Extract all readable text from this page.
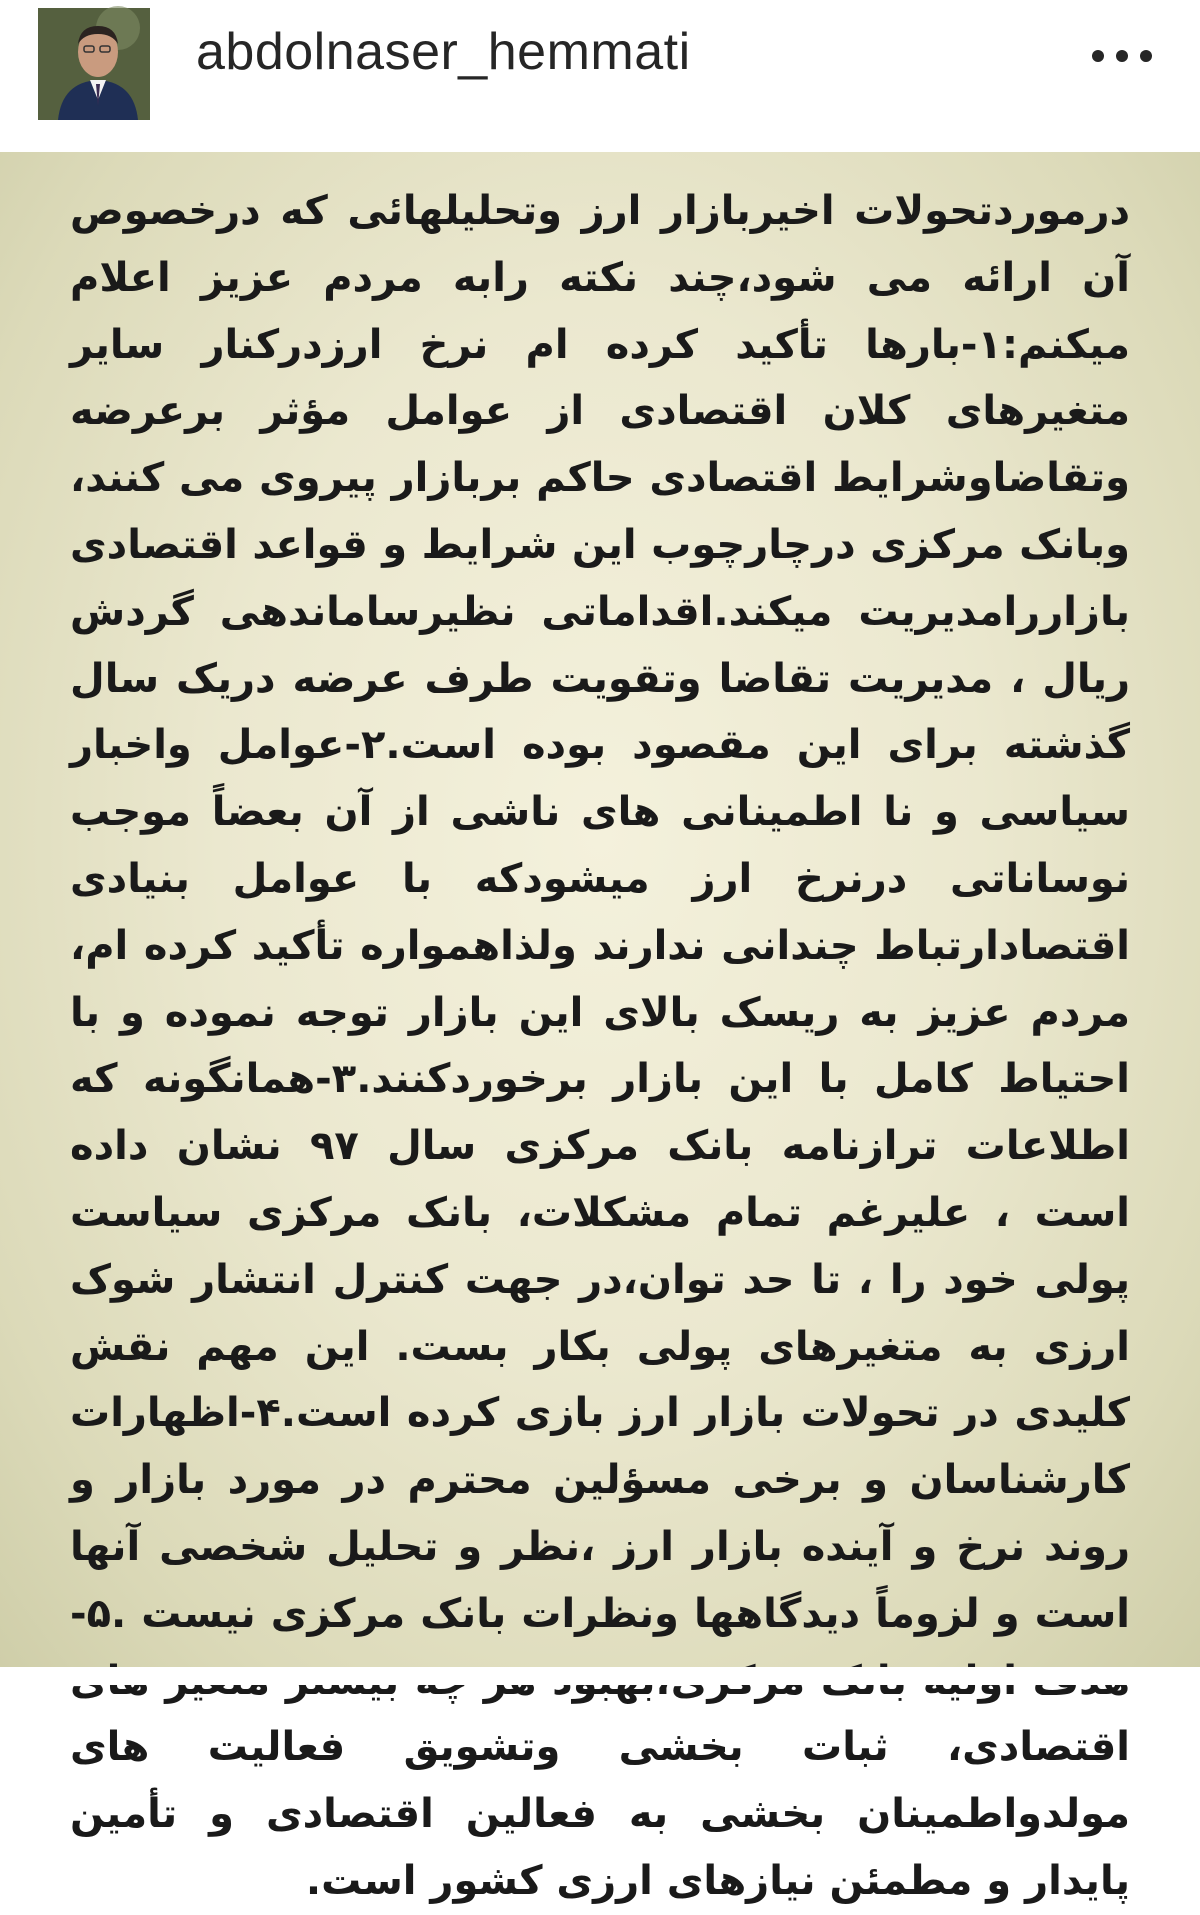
abdolnaser_hemmati

درموردتحولات اخیربازار ارز وتحلیلهائی که درخصوص آن ارائه می شود،چند نکته رابه مردم عزیز اعلام میکنم:۱-بارها تأکید کرده ام نرخ ارزدرکنار سایر متغیرهای کلان اقتصادی از عوامل مؤثر برعرضه وتقاضاوشرایط اقتصادی حاکم بربازار پیروی می کنند، وبانک مرکزی درچارچوب این شرایط و قواعد اقتصادی بازاررامدیریت میکند.اقداماتی نظیرساماندهی گردش ریال ، مدیریت تقاضا وتقویت طرف عرضه دریک سال گذشته برای این مقصود بوده است.۲-عوامل واخبار سیاسی و نا اطمینانی های ناشی از آن بعضاً موجب نوساناتی درنرخ ارز میشودکه با عوامل بنیادی اقتصادارتباط چندانی ندارند ولذاهمواره تأکید کرده ام، مردم عزیز به ریسک بالای این بازار توجه نموده و با احتیاط کامل با این بازار برخوردکنند.۳-همانگونه که اطلاعات ترازنامه بانک مرکزی سال ۹۷ نشان داده است ، علیرغم تمام مشکلات، بانک مرکزی سیاست پولی خود را ، تا حد توان،در جهت کنترل انتشار شوک ارزی به متغیرهای پولی بکار بست. این مهم نقش کلیدی در تحولات بازار ارز بازی کرده است.۴-اظهارات کارشناسان و برخی مسؤلین محترم در مورد بازار و روند نرخ و آینده بازار ارز ،نظر و تحلیل شخصی آنها است و لزوماً دیدگاهها ونظرات بانک مرکزی نیست .۵- اقتصادی، ثبات بخشی وتشویق فعالیت های مولدواطمینان بخشی به فعالین اقتصادی و تأمین پایدار و مطمئن نیازهای ارزی کشور است.
